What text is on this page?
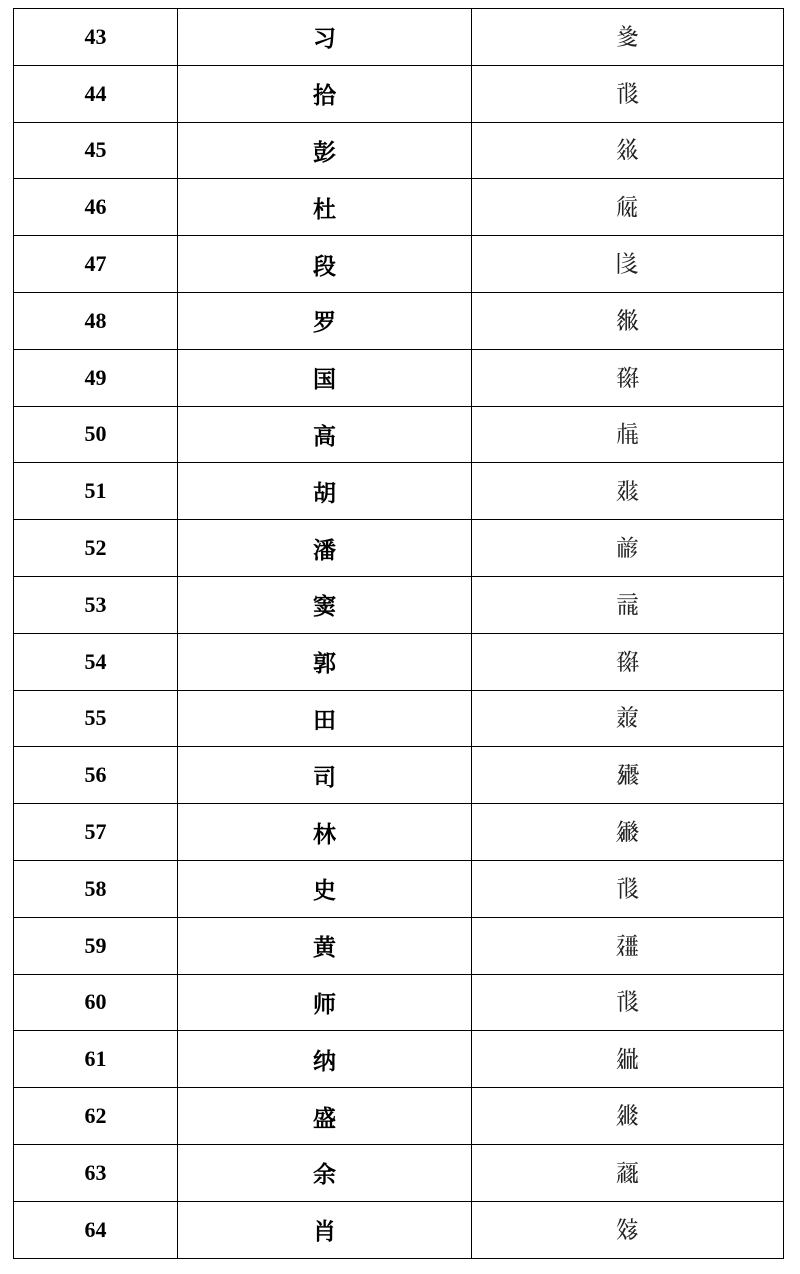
43	习	𘑘
44	拾	𗌰
45	彭	𗤦
46	杜	𗏁
47	段	𗁅
48	罗	𗬫
49	国	𗱈
50	高	𗍫
51	胡	𘅍
52	潘	𗑗
53	窦	𗄈
54	郭	𗱈
55	田	𗓱
56	司	𗉷
57	林	𗪈
58	史	𗌰
59	黄	𗡸
60	师	𗌰
61	纳	𗥔
62	盛	𗦫
63	余	𗹙
64	肖	𗼵
